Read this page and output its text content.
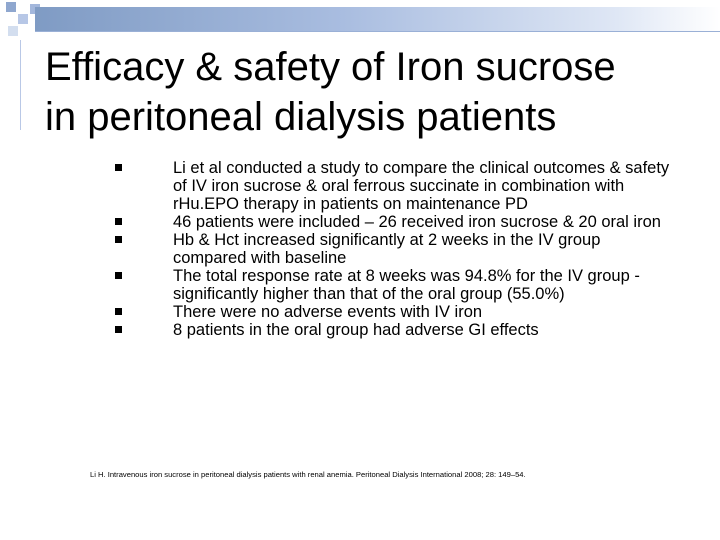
Efficacy & safety of Iron sucrose
in peritoneal dialysis patients
Li et al conducted a study to compare the clinical outcomes & safety of IV iron sucrose & oral ferrous succinate in combination with rHu.EPO therapy in patients on maintenance PD
46 patients were included – 26 received iron sucrose & 20 oral iron
Hb & Hct increased significantly at 2 weeks in the IV group compared with baseline
The total response rate at 8 weeks was 94.8% for the IV group - significantly higher than that of the oral group (55.0%)
There were no adverse events with IV iron
8 patients in the oral group had adverse GI effects
Li H. Intravenous iron sucrose in peritoneal dialysis patients with renal anemia. Peritoneal Dialysis International 2008; 28: 149–54.
